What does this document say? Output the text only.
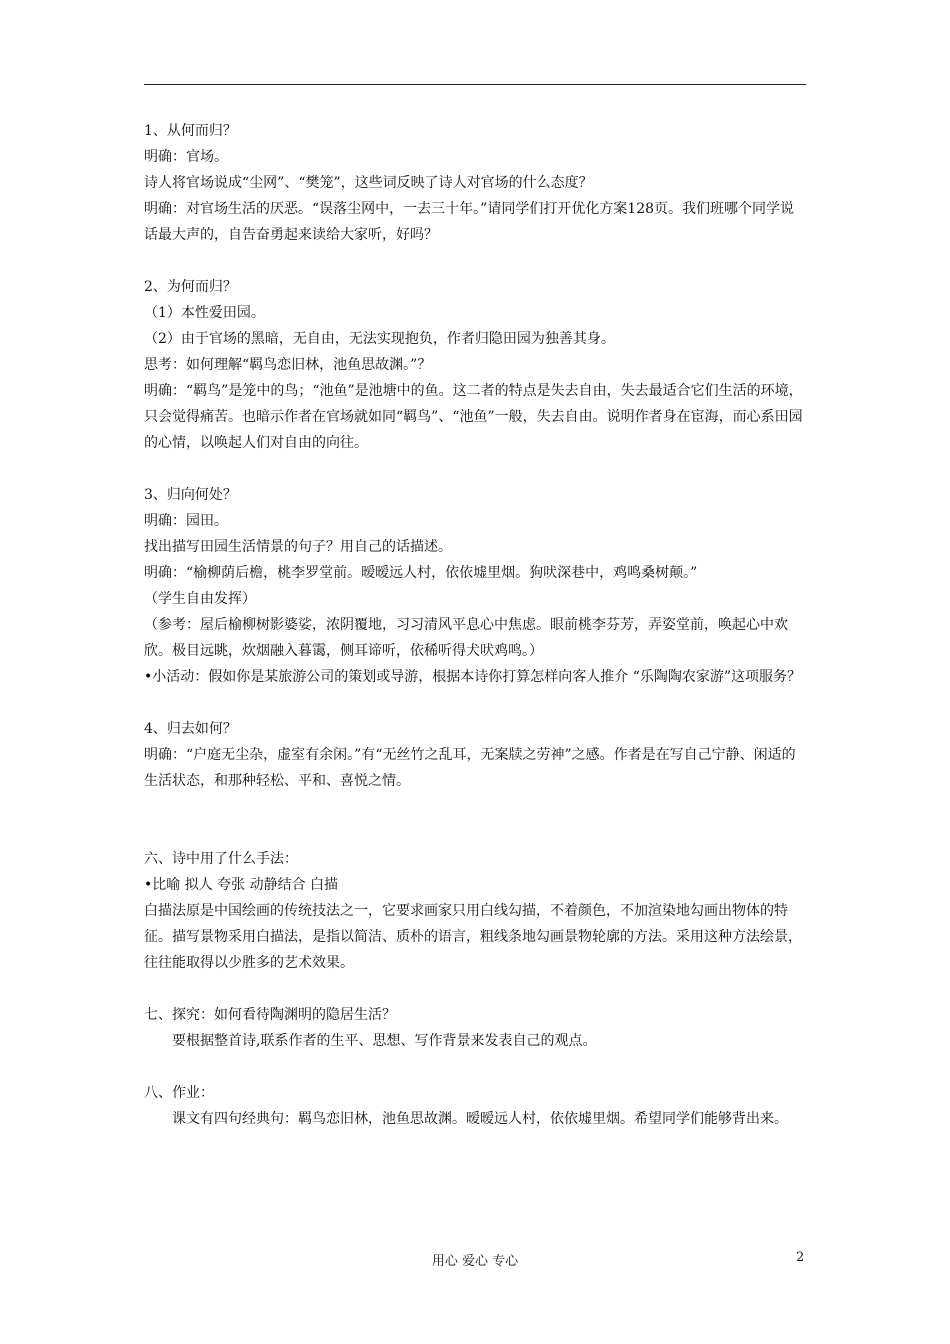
1、从何而归？

明确：官场。

诗人将官场说成“尘网”、“樊笼”，这些词反映了诗人对官场的什么态度？

明确：对官场生活的厌恶。“误落尘网中，一去三十年。”请同学们打开优化方案128页。我们班哪个同学说话最大声的，自告奋勇起来读给大家听，好吗？

2、为何而归？

（1）本性爱田园。

（2）由于官场的黑暗，无自由，无法实现抱负，作者归隐田园为独善其身。

思考：如何理解“羁鸟恋旧林，池鱼思故渊。”？

明确：“羁鸟”是笼中的鸟；“池鱼”是池塘中的鱼。这二者的特点是失去自由，失去最适合它们生活的环境，只会觉得痛苦。也暗示作者在官场就如同“羁鸟”、“池鱼”一般，失去自由。说明作者身在宦海，而心系田园的心情，以唤起人们对自由的向往。

3、归向何处？

明确：园田。

找出描写田园生活情景的句子？用自己的话描述。

明确：“榆柳荫后檐，桃李罗堂前。暧暧远人村，依依墟里烟。狗吠深巷中，鸡鸣桑树颠。”

（学生自由发挥）

（参考：屋后榆柳树影婆娑，浓阴覆地，习习清风平息心中焦虑。眼前桃李芬芳，弄姿堂前，唤起心中欢欣。极目远眺，炊烟融入暮霭，侧耳谛听，依稀听得犬吠鸡鸣。）

•小活动：假如你是某旅游公司的策划或导游，根据本诗你打算怎样向客人推介 “乐陶陶农家游”这项服务？

4、归去如何？

明确：“户庭无尘杂，虚室有余闲。”有“无丝竹之乱耳，无案牍之劳神”之感。作者是在写自己宁静、闲适的生活状态，和那种轻松、平和、喜悦之情。

六、诗中用了什么手法：

•比喻 拟人 夸张 动静结合 白描

白描法原是中国绘画的传统技法之一，它要求画家只用白线勾描，不着颜色，不加渲染地勾画出物体的特征。描写景物采用白描法，是指以简洁、质朴的语言，粗线条地勾画景物轮廓的方法。采用这种方法绘景，往往能取得以少胜多的艺术效果。

七、探究：如何看待陶渊明的隐居生活？

要根据整首诗,联系作者的生平、思想、写作背景来发表自己的观点。

八、作业：

课文有四句经典句：羁鸟恋旧林，池鱼思故渊。暧暧远人村，依依墟里烟。希望同学们能够背出来。

用心 爱心 专心	2
